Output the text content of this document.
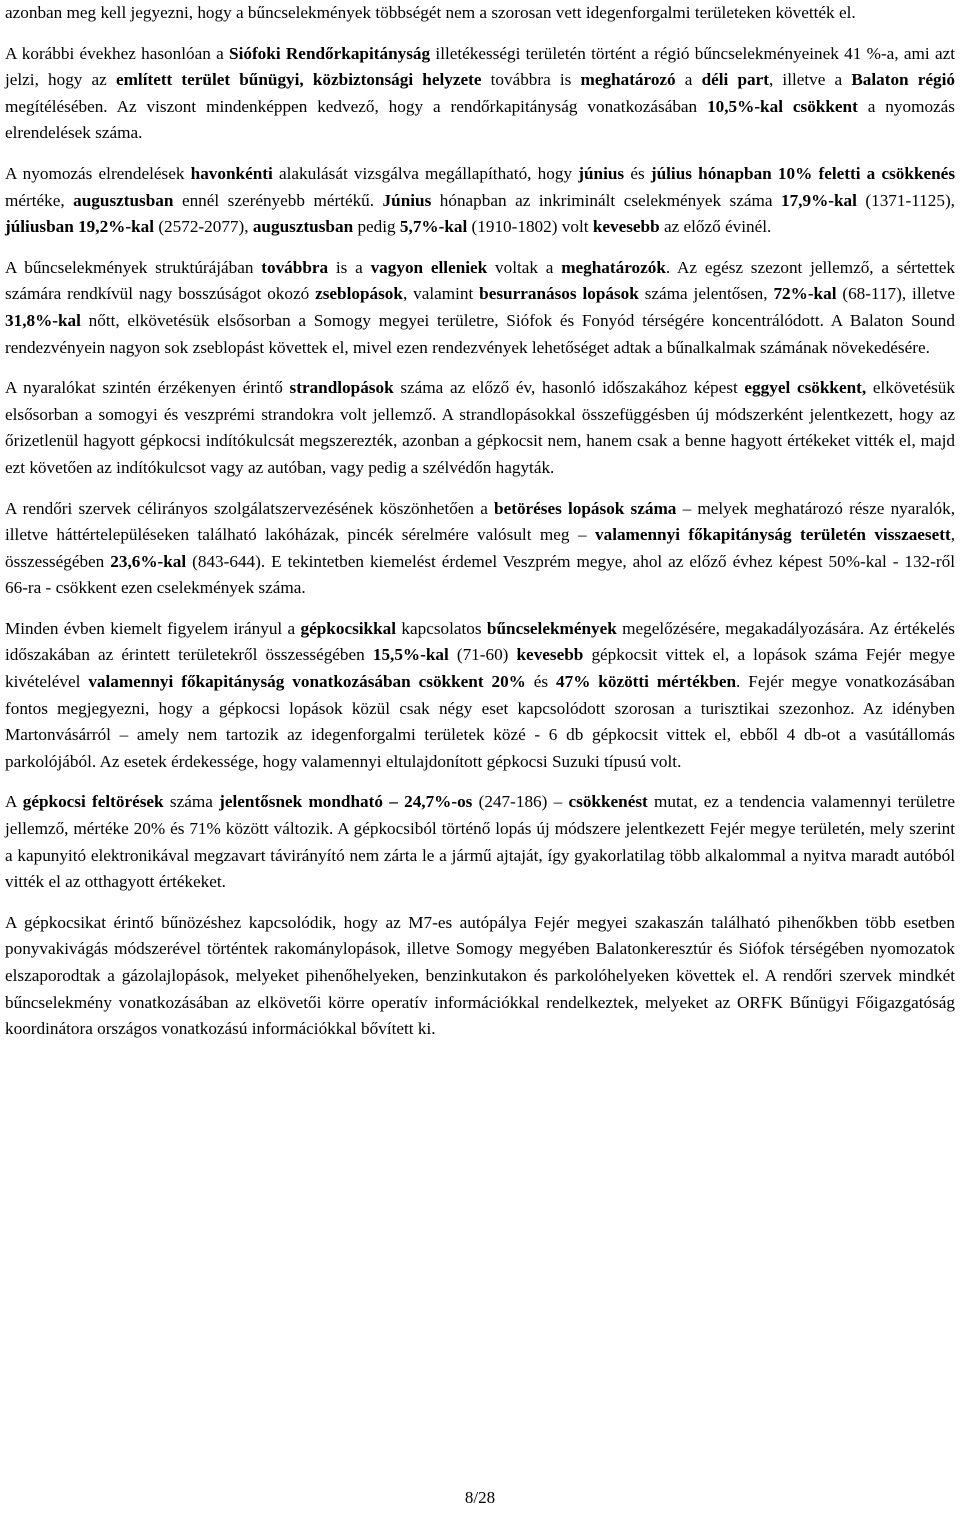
azonban meg kell jegyezni, hogy a bűncselekmények többségét nem a szorosan vett idegenforgalmi területeken követték el.

A korábbi évekhez hasonlóan a Siófoki Rendőrkapitányság illetékességi területén történt a régió bűncselekményeinek 41 %-a, ami azt jelzi, hogy az említett terület bűnügyi, közbiztonsági helyzete továbbra is meghatározó a déli part, illetve a Balaton régió megítélésében. Az viszont mindenképpen kedvező, hogy a rendőrkapitányság vonatkozásában 10,5%-kal csökkent a nyomozás elrendelések száma.

A nyomozás elrendelések havonkénti alakulását vizsgálva megállapítható, hogy június és július hónapban 10% feletti a csökkenés mértéke, augusztusban ennél szerényebb mértékű. Június hónapban az inkriminált cselekmények száma 17,9%-kal (1371-1125), júliusban 19,2%-kal (2572-2077), augusztusban pedig 5,7%-kal (1910-1802) volt kevesebb az előző évinél.

A bűncselekmények struktúrájában továbbra is a vagyon elleniek voltak a meghatározók. Az egész szezont jellemző, a sértettek számára rendkívül nagy bosszúságot okozó zseblopások, valamint besurranásos lopások száma jelentősen, 72%-kal (68-117), illetve 31,8%-kal nőtt, elkövetésük elsősorban a Somogy megyei területre, Siófok és Fonyód térségére koncentrálódott. A Balaton Sound rendezvényein nagyon sok zseblopást követtek el, mivel ezen rendezvények lehetőséget adtak a bűnalkalmak számának növekedésére.

A nyaralókat szintén érzékenyen érintő strandlopások száma az előző év, hasonló időszakához képest eggyel csökkent, elkövetésük elsősorban a somogyi és veszprémi strandokra volt jellemző. A strandlopásokkal összefüggésben új módszerként jelentkezett, hogy az őrizetlenül hagyott gépkocsi indítókulcsát megszerezték, azonban a gépkocsit nem, hanem csak a benne hagyott értékeket vitték el, majd ezt követően az indítókulcsot vagy az autóban, vagy pedig a szélvédőn hagyták.

A rendőri szervek célirányos szolgálatszervezésének köszönhetően a betöréses lopások száma – melyek meghatározó része nyaralók, illetve háttértelepüléseken található lakóházak, pincék sérelmére valósult meg – valamennyi főkapitányság területén visszaesett, összességében 23,6%-kal (843-644). E tekintetben kiemelést érdemel Veszprém megye, ahol az előző évhez képest 50%-kal - 132-ről 66-ra - csökkent ezen cselekmények száma.

Minden évben kiemelt figyelem irányul a gépkocsikkal kapcsolatos bűncselekmények megelőzésére, megakadályozására. Az értékelés időszakában az érintett területekről összességében 15,5%-kal (71-60) kevesebb gépkocsit vittek el, a lopások száma Fejér megye kivételével valamennyi főkapitányság vonatkozásában csökkent 20% és 47% közötti mértékben. Fejér megye vonatkozásában fontos megjegyezni, hogy a gépkocsi lopások közül csak négy eset kapcsolódott szorosan a turisztikai szezonhoz. Az idényben Martonvásárról – amely nem tartozik az idegenforgalmi területek közé - 6 db gépkocsit vittek el, ebből 4 db-ot a vasútállomás parkolójából. Az esetek érdekessége, hogy valamennyi eltulajdonított gépkocsi Suzuki típusú volt.

A gépkocsi feltörések száma jelentősnek mondható – 24,7%-os (247-186) – csökkenést mutat, ez a tendencia valamennyi területre jellemző, mértéke 20% és 71% között változik. A gépkocsiból történő lopás új módszere jelentkezett Fejér megye területén, mely szerint a kapunyitó elektronikával megzavart távirányító nem zárta le a jármű ajtaját, így gyakorlatilag több alkalommal a nyitva maradt autóból vitték el az otthagyott értékeket.

A gépkocsikat érintő bűnözéshez kapcsolódik, hogy az M7-es autópálya Fejér megyei szakaszán található pihenőkben több esetben ponyvakivágás módszerével történtek rakománylopások, illetve Somogy megyében Balatonkeresztúr és Siófok térségében nyomozatok elszaporodtak a gázolajlopások, melyeket pihenőhelyeken, benzinkutakon és parkolóhelyeken követtek el. A rendőri szervek mindkét bűncselekmény vonatkozásában az elkövetői körre operatív információkkal rendelkeztek, melyeket az ORFK Bűnügyi Főigazgatóság koordinátora országos vonatkozású információkkal bővített ki.

8/28
